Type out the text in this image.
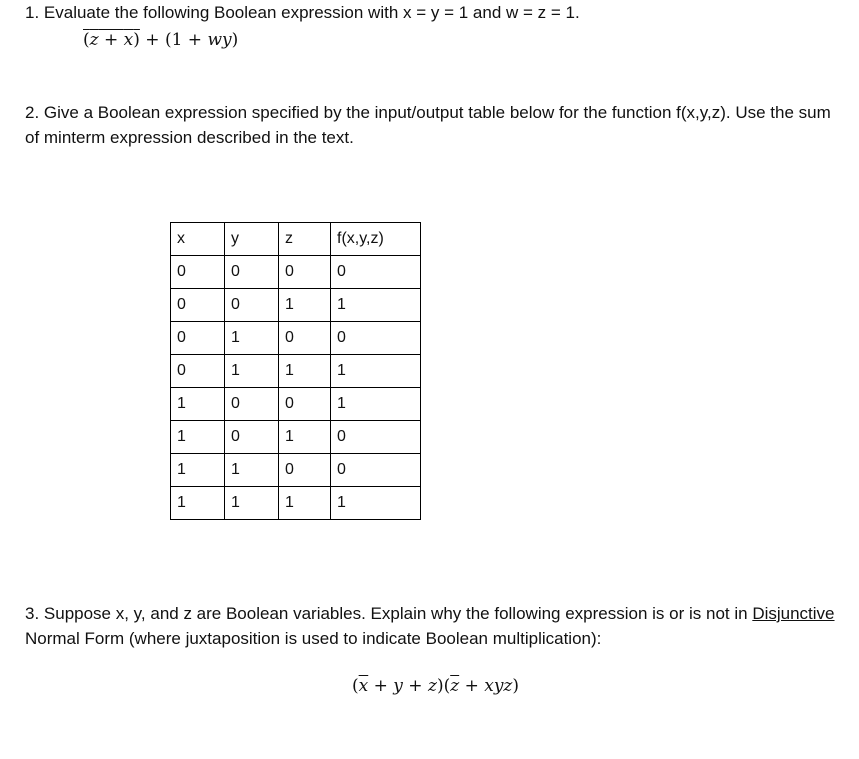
1. Evaluate the following Boolean expression with x = y = 1 and w = z = 1.
(z + x) + (1 + wy)
2. Give a Boolean expression specified by the input/output table below for the function f(x,y,z). Use the sum of minterm expression described in the text.
x	y	z	f(x,y,z)
0	0	0	0
0	0	1	1
0	1	0	0
0	1	1	1
1	0	0	1
1	0	1	0
1	1	0	0
1	1	1	1
3. Suppose x, y, and z are Boolean variables. Explain why the following expression is or is not in Disjunctive Normal Form (where juxtaposition is used to indicate Boolean multiplication):
$(\overline{x} + y + z)(\overline{z} + xyz)$
